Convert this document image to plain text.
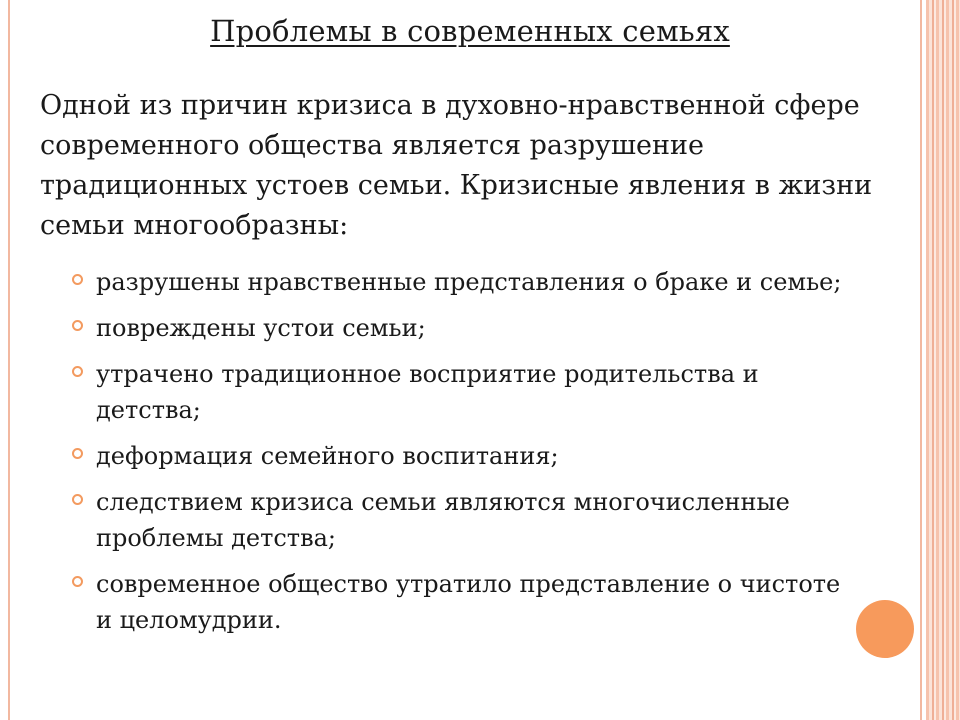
Проблемы в современных семьях
Одной из причин кризиса в духовно-нравственной сфере современного общества является разрушение традиционных устоев семьи. Кризисные явления в жизни семьи многообразны:
разрушены нравственные представления о браке и семье;
повреждены устои семьи;
утрачено традиционное восприятие родительства и детства;
деформация семейного воспитания;
следствием кризиса семьи являются многочисленные проблемы детства;
современное общество утратило представление о чистоте и целомудрии.
